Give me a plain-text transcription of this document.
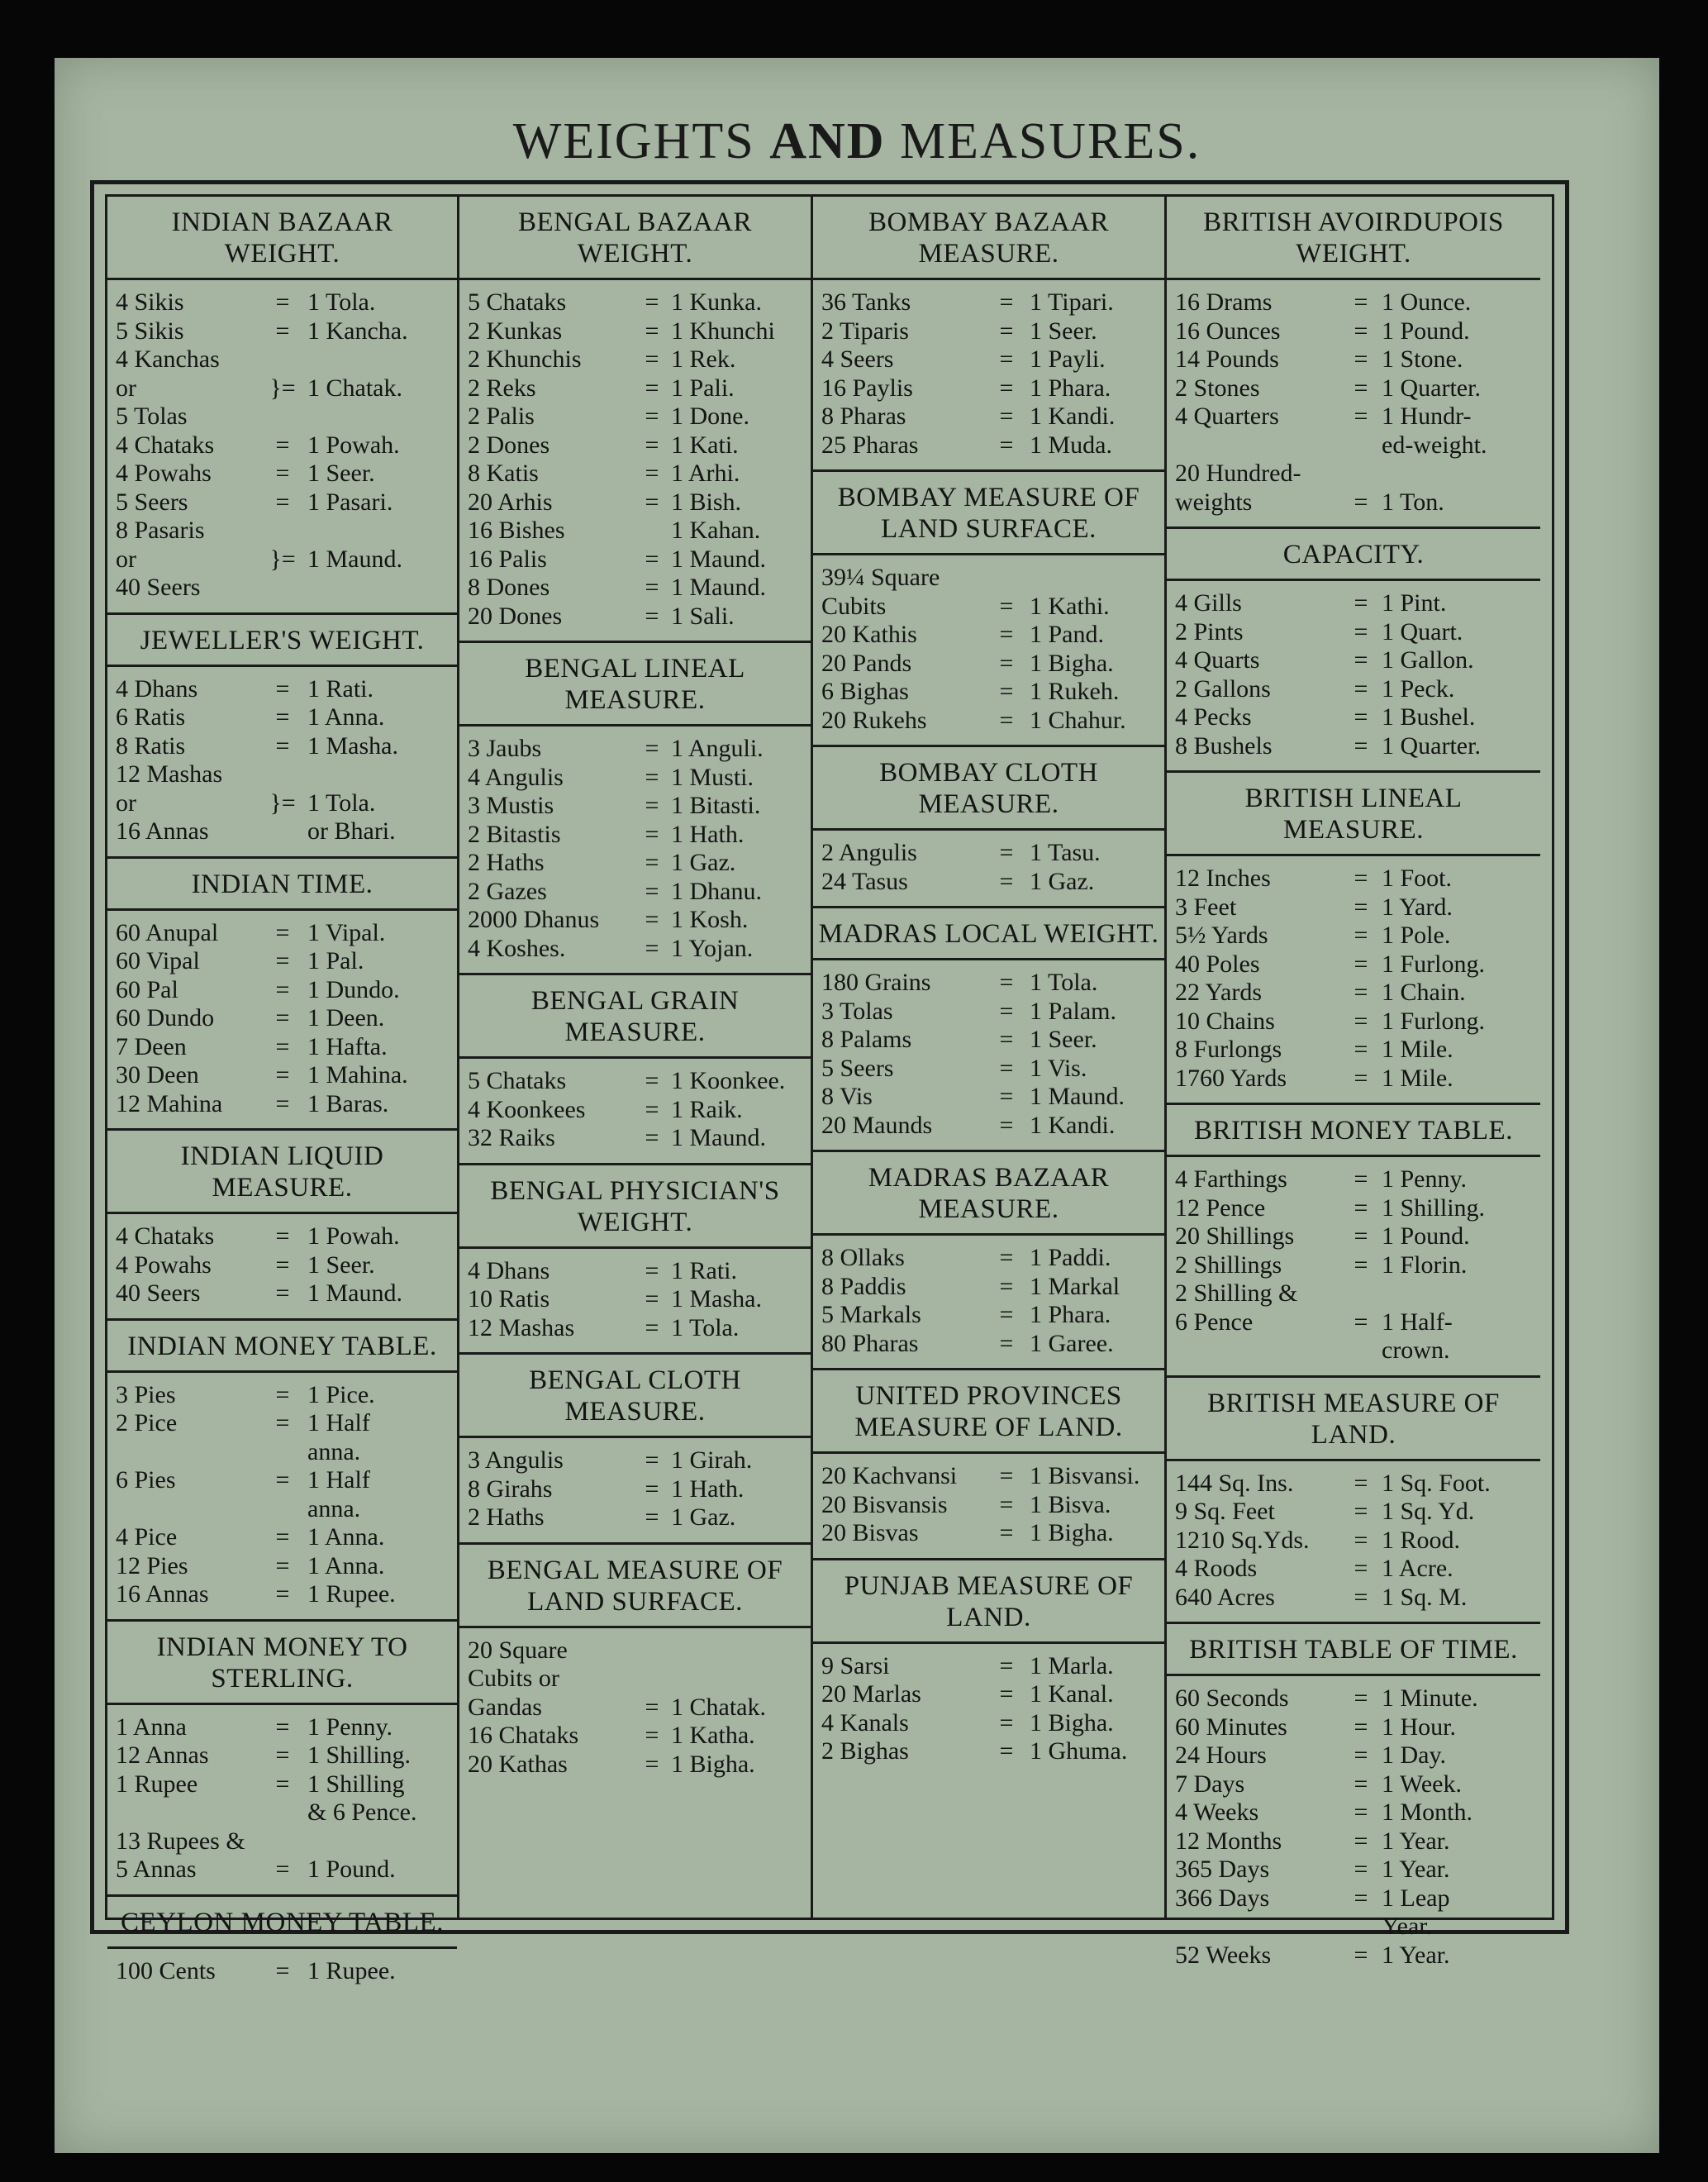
WEIGHTS AND MEASURES.
INDIAN BAZAAR WEIGHT.
4 Sikis	= 1 Tola.
5 Sikis	= 1 Kancha.
4 Kanchas
or	}= 1 Chatak.
5 Tolas
4 Chataks	= 1 Powah.
4 Powahs	= 1 Seer.
5 Seers	= 1 Pasari.
8 Pasaris
or	}= 1 Maund.
40 Seers
JEWELLER'S WEIGHT.
4 Dhans	= 1 Rati.
6 Ratis	= 1 Anna.
8 Ratis	= 1 Masha.
12 Mashas
or	}= 1 Tola.
16 Annas	or Bhari.
INDIAN TIME.
60 Anupal	= 1 Vipal.
60 Vipal	= 1 Pal.
60 Pal	= 1 Dundo.
60 Dundo	= 1 Deen.
7 Deen	= 1 Hafta.
30 Deen	= 1 Mahina.
12 Mahina	= 1 Baras.
INDIAN LIQUID MEASURE.
4 Chataks	= 1 Powah.
4 Powahs	= 1 Seer.
40 Seers	= 1 Maund.
INDIAN MONEY TABLE.
3 Pies	= 1 Pice.
2 Pice	= 1 Half
anna.
6 Pies	= 1 Half
anna.
4 Pice	= 1 Anna.
12 Pies	= 1 Anna.
16 Annas	= 1 Rupee.
INDIAN MONEY TO STERLING.
1 Anna	= 1 Penny.
12 Annas	= 1 Shilling.
1 Rupee	= 1 Shilling
& 6 Pence.
13 Rupees &
5 Annas	= 1 Pound.
CEYLON MONEY TABLE.
100 Cents	= 1 Rupee.
BENGAL BAZAAR WEIGHT.
5 Chataks	= 1 Kunka.
2 Kunkas	= 1 Khunchi
2 Khunchis	= 1 Rek.
2 Reks	= 1 Pali.
2 Palis	= 1 Done.
2 Dones	= 1 Kati.
8 Katis	= 1 Arhi.
20 Arhis	= 1 Bish.
16 Bishes	1 Kahan.
16 Palis	= 1 Maund.
8 Dones	= 1 Maund.
20 Dones	= 1 Sali.
BENGAL LINEAL MEASURE.
3 Jaubs	= 1 Anguli.
4 Angulis	= 1 Musti.
3 Mustis	= 1 Bitasti.
2 Bitastis	= 1 Hath.
2 Haths	= 1 Gaz.
2 Gazes	= 1 Dhanu.
2000 Dhanus	= 1 Kosh.
4 Koshes.	= 1 Yojan.
BENGAL GRAIN MEASURE.
5 Chataks	= 1 Koonkee.
4 Koonkees	= 1 Raik.
32 Raiks	= 1 Maund.
BENGAL PHYSICIAN'S WEIGHT.
4 Dhans	= 1 Rati.
10 Ratis	= 1 Masha.
12 Mashas	= 1 Tola.
BENGAL CLOTH MEASURE.
3 Angulis	= 1 Girah.
8 Girahs	= 1 Hath.
2 Haths	= 1 Gaz.
BENGAL MEASURE OF LAND SURFACE.
20 Square
Cubits or
Gandas	= 1 Chatak.
16 Chataks	= 1 Katha.
20 Kathas	= 1 Bigha.
BOMBAY BAZAAR MEASURE.
36 Tanks	= 1 Tipari.
2 Tiparis	= 1 Seer.
4 Seers	= 1 Payli.
16 Paylis	= 1 Phara.
8 Pharas	= 1 Kandi.
25 Pharas	= 1 Muda.
BOMBAY MEASURE OF LAND SURFACE.
39¼ Square
Cubits	= 1 Kathi.
20 Kathis	= 1 Pand.
20 Pands	= 1 Bigha.
6 Bighas	= 1 Rukeh.
20 Rukehs	= 1 Chahur.
BOMBAY CLOTH MEASURE.
2 Angulis	= 1 Tasu.
24 Tasus	= 1 Gaz.
MADRAS LOCAL WEIGHT.
180 Grains	= 1 Tola.
3 Tolas	= 1 Palam.
8 Palams	= 1 Seer.
5 Seers	= 1 Vis.
8 Vis	= 1 Maund.
20 Maunds	= 1 Kandi.
MADRAS BAZAAR MEASURE.
8 Ollaks	= 1 Paddi.
8 Paddis	= 1 Markal
5 Markals	= 1 Phara.
80 Pharas	= 1 Garee.
UNITED PROVINCES MEASURE OF LAND.
20 Kachvansi	= 1 Bisvansi.
20 Bisvansis	= 1 Bisva.
20 Bisvas	= 1 Bigha.
PUNJAB MEASURE OF LAND.
9 Sarsi	= 1 Marla.
20 Marlas	= 1 Kanal.
4 Kanals	= 1 Bigha.
2 Bighas	= 1 Ghuma.
BRITISH AVOIRDUPOIS WEIGHT.
16 Drams	= 1 Ounce.
16 Ounces	= 1 Pound.
14 Pounds	= 1 Stone.
2 Stones	= 1 Quarter.
4 Quarters	= 1 Hundr-
ed-weight.
20 Hundred-
weights	= 1 Ton.
CAPACITY.
4 Gills	= 1 Pint.
2 Pints	= 1 Quart.
4 Quarts	= 1 Gallon.
2 Gallons	= 1 Peck.
4 Pecks	= 1 Bushel.
8 Bushels	= 1 Quarter.
BRITISH LINEAL MEASURE.
12 Inches	= 1 Foot.
3 Feet	= 1 Yard.
5½ Yards	= 1 Pole.
40 Poles	= 1 Furlong.
22 Yards	= 1 Chain.
10 Chains	= 1 Furlong.
8 Furlongs	= 1 Mile.
1760 Yards	= 1 Mile.
BRITISH MONEY TABLE.
4 Farthings	= 1 Penny.
12 Pence	= 1 Shilling.
20 Shillings	= 1 Pound.
2 Shillings	= 1 Florin.
2 Shilling &
6 Pence	= 1 Half-
crown.
BRITISH MEASURE OF LAND.
144 Sq. Ins.	= 1 Sq. Foot.
9 Sq. Feet	= 1 Sq. Yd.
1210 Sq.Yds.	= 1 Rood.
4 Roods	= 1 Acre.
640 Acres	= 1 Sq. M.
BRITISH TABLE OF TIME.
60 Seconds	= 1 Minute.
60 Minutes	= 1 Hour.
24 Hours	= 1 Day.
7 Days	= 1 Week.
4 Weeks	= 1 Month.
12 Months	= 1 Year.
365 Days	= 1 Year.
366 Days	= 1 Leap
Year.
52 Weeks	= 1 Year.
